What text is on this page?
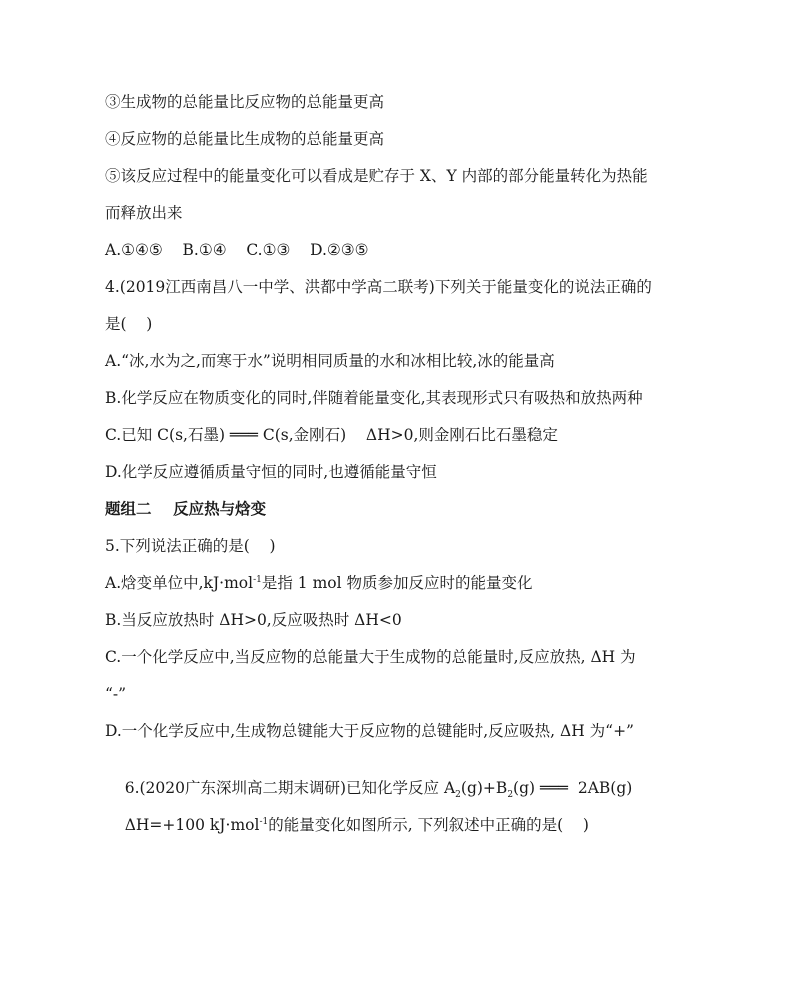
③生成物的总能量比反应物的总能量更高
④反应物的总能量比生成物的总能量更高
⑤该反应过程中的能量变化可以看成是贮存于 X、Y 内部的部分能量转化为热能
而释放出来
A.①④⑤    B.①④    C.①③    D.②③⑤
4.(2019江西南昌八一中学、洪都中学高二联考)下列关于能量变化的说法正确的
是(    )
A.“冰,水为之,而寒于水”说明相同质量的水和冰相比较,冰的能量高
B.化学反应在物质变化的同时,伴随着能量变化,其表现形式只有吸热和放热两种
C.已知 C(s,石墨) ═══ C(s,金刚石)    ΔH>0,则金刚石比石墨稳定
D.化学反应遵循质量守恒的同时,也遵循能量守恒
题组二    反应热与焓变
5.下列说法正确的是(    )
A.焓变单位中,kJ·mol$^{-1}$是指 1 mol 物质参加反应时的能量变化
B.当反应放热时 ΔH>0,反应吸热时 ΔH<0
C.一个化学反应中,当反应物的总能量大于生成物的总能量时,反应放热, ΔH 为
“-”
D.一个化学反应中,生成物总键能大于反应物的总键能时,反应吸热, ΔH 为“+”

6.(2020广东深圳高二期末调研)已知化学反应 $A_2(g)+B_2(g)$ ═══  2AB(g)

ΔH=+100 kJ·mol$^{-1}$的能量变化如图所示, 下列叙述中正确的是(    )
